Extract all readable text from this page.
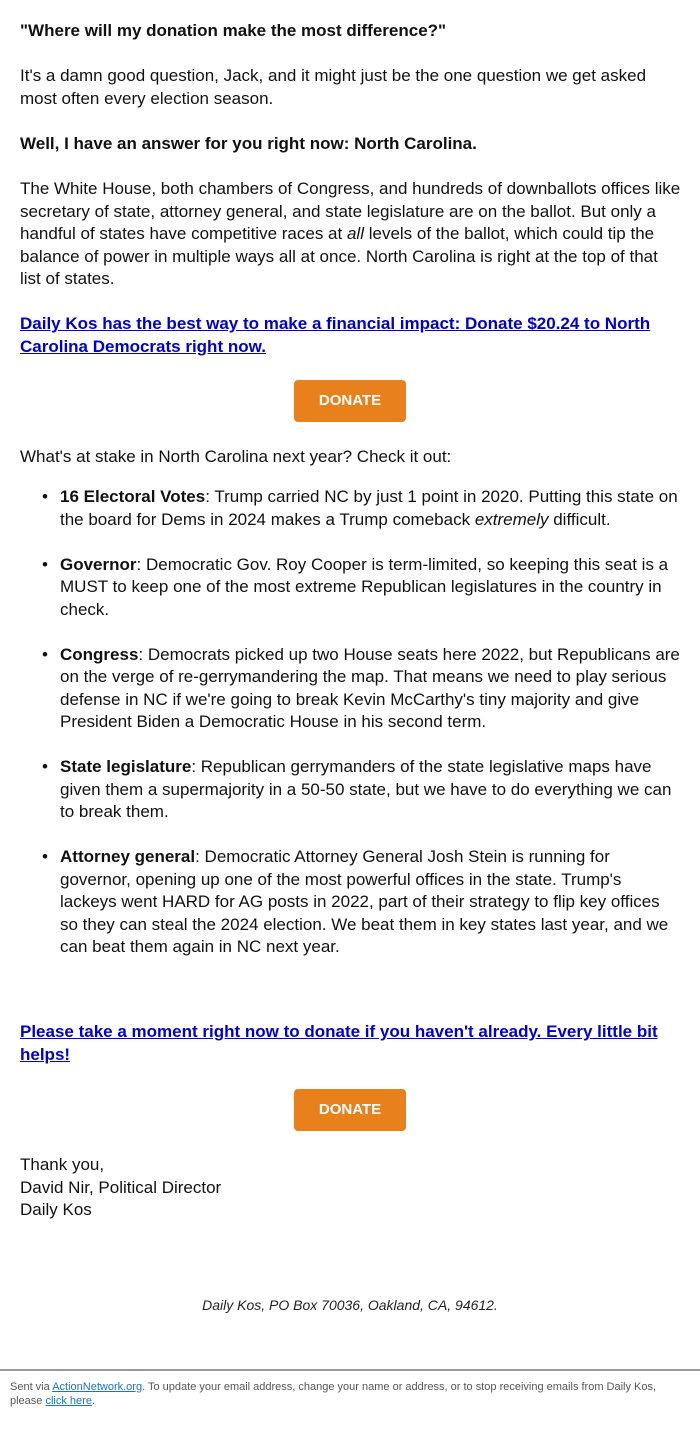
"Where will my donation make the most difference?"

It's a damn good question, Jack, and it might just be the one question we get asked most often every election season.

Well, I have an answer for you right now: North Carolina.

The White House, both chambers of Congress, and hundreds of downballots offices like secretary of state, attorney general, and state legislature are on the ballot. But only a handful of states have competitive races at all levels of the ballot, which could tip the balance of power in multiple ways all at once. North Carolina is right at the top of that list of states.

Daily Kos has the best way to make a financial impact: Donate $20.24 to North Carolina Democrats right now.

DONATE

What's at stake in North Carolina next year? Check it out:

• 16 Electoral Votes: Trump carried NC by just 1 point in 2020. Putting this state on the board for Dems in 2024 makes a Trump comeback extremely difficult.
• Governor: Democratic Gov. Roy Cooper is term-limited, so keeping this seat is a MUST to keep one of the most extreme Republican legislatures in the country in check.
• Congress: Democrats picked up two House seats here 2022, but Republicans are on the verge of re-gerrymandering the map. That means we need to play serious defense in NC if we're going to break Kevin McCarthy's tiny majority and give President Biden a Democratic House in his second term.
• State legislature: Republican gerrymanders of the state legislative maps have given them a supermajority in a 50-50 state, but we have to do everything we can to break them.
• Attorney general: Democratic Attorney General Josh Stein is running for governor, opening up one of the most powerful offices in the state. Trump's lackeys went HARD for AG posts in 2022, part of their strategy to flip key offices so they can steal the 2024 election. We beat them in key states last year, and we can beat them again in NC next year.

Please take a moment right now to donate if you haven't already. Every little bit helps!

DONATE

Thank you,
David Nir, Political Director
Daily Kos

Daily Kos, PO Box 70036, Oakland, CA, 94612.
Sent via ActionNetwork.org. To update your email address, change your name or address, or to stop receiving emails from Daily Kos, please click here.
